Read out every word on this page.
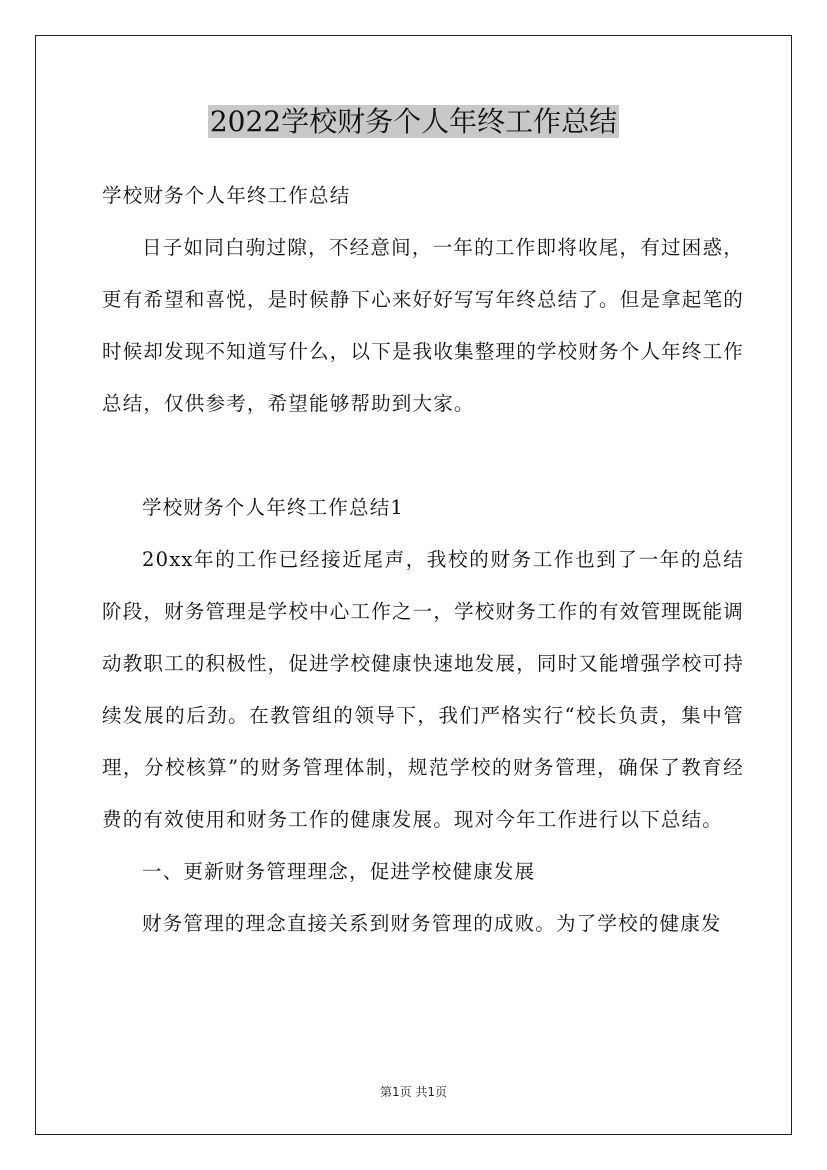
2022学校财务个人年终工作总结

学校财务个人年终工作总结

日子如同白驹过隙，不经意间，一年的工作即将收尾，有过困惑，更有希望和喜悦，是时候静下心来好好写写年终总结了。但是拿起笔的时候却发现不知道写什么，以下是我收集整理的学校财务个人年终工作总结，仅供参考，希望能够帮助到大家。

学校财务个人年终工作总结1

20xx年的工作已经接近尾声，我校的财务工作也到了一年的总结阶段，财务管理是学校中心工作之一，学校财务工作的有效管理既能调动教职工的积极性，促进学校健康快速地发展，同时又能增强学校可持续发展的后劲。在教管组的领导下，我们严格实行“校长负责，集中管理，分校核算”的财务管理体制，规范学校的财务管理，确保了教育经费的有效使用和财务工作的健康发展。现对今年工作进行以下总结。

一、更新财务管理理念，促进学校健康发展

财务管理的理念直接关系到财务管理的成败。为了学校的健康发

第1页 共1页
